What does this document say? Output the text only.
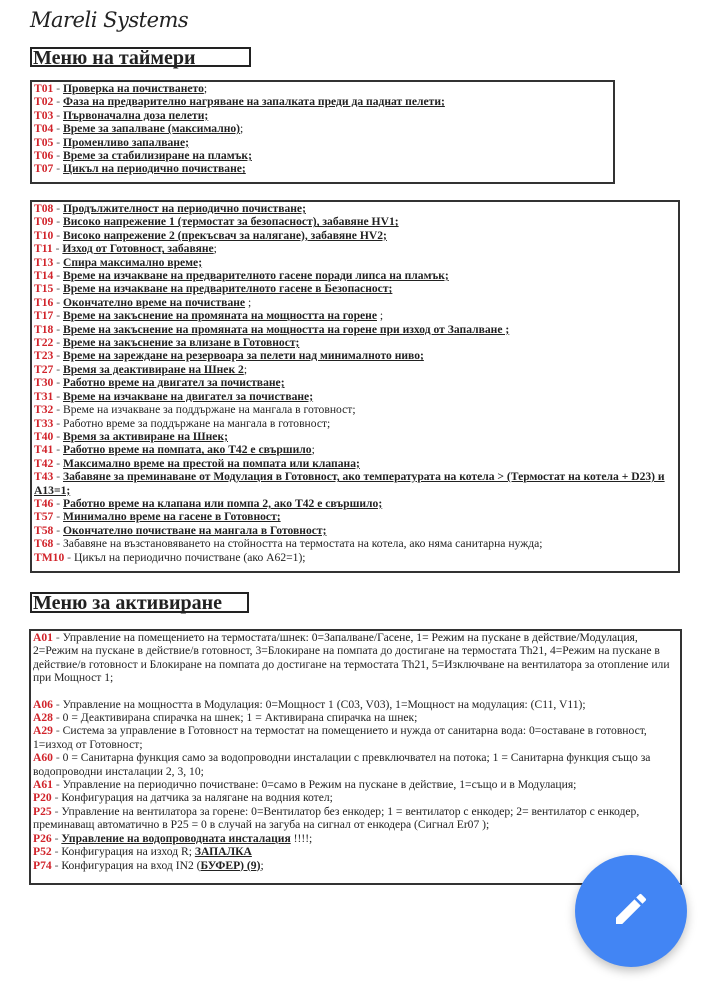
Mareli Systems
Меню на таймери
T01 - Проверка на почистването;
T02 - Фаза на предварително нагряване на запалката преди да паднат пелети;
T03 - Първоначална доза пелети;
T04 - Време за запалване (максимално);
T05 - Променливо запалване;
T06 - Време за стабилизиране на пламък;
T07 - Цикъл на периодично почистване;
T08 - Продължителност на периодично почистване;
T09 - Високо напрежение 1 (термостат за безопасност), забавяне HV1;
T10 - Високо напрежение 2 (прекъсвач за налягане), забавяне HV2;
T11 - Изход от Готовност, забавяне;
T13 - Спира максимално време;
T14 - Време на изчакване на предварителното гасене поради липса на пламък;
T15 - Време на изчакване на предварителното гасене в Безопасност;
T16 - Окончателно време на почистване ;
T17 - Време на закъснение на промяната на мощността на горене ;
T18 - Време на закъснение на промяната на мощността на горене при изход от Запалване ;
T22 - Време на закъснение за влизане в Готовност;
T23 - Време на зареждане на резервоара за пелети над минималното ниво;
T27 - Время за деактивиране на Шнек 2;
T30 - Работно време на двигател за почистване;
T31 - Време на изчакване на двигател за почистване;
T32 - Време на изчакване за поддържане на мангала в готовност;
T33 - Работно време за поддържане на мангала в готовност;
T40 - Время за активиране на Шнек;
T41 - Работно време на помпата, ако T42 е свършило;
T42 - Максимално време на престой на помпата или клапана;
T43 - Забавяне за преминаване от Модулация в Готовност, ако температурата на котела > (Термостат на котела + D23) и A13=1;
T46 - Работно време на клапана или помпа 2, ако T42 е свършило;
T57 - Минимално време на гасене в Готовност;
T58 - Окончателно почистване на мангала в Готовност;
T68 - Забавяне на възстановяването на стойността на термостата на котела, ако няма санитарна нужда;
TM10 - Цикъл на периодично почистване (ако A62=1);
Меню за активиране
A01 - Управление на помещението на термостата/шнек: 0=Запалване/Гасене, 1= Режим на пускане в действие/Модулация, 2=Режим на пускане в действие/в готовност, 3=Блокиране на помпата до достигане на термостата Th21, 4=Режим на пускане в действие/в готовност и Блокиране на помпата до достигане на термостата Th21, 5=Изключване на вентилатора за отопление или при Мощност 1;
A06 - Управление на мощността в Модулация: 0=Мощност 1 (C03, V03), 1=Мощност на модулация: (C11, V11);
A28 - 0 = Деактивирана спирачка на шнек; 1 = Активирана спирачка на шнек;
A29 - Система за управление в Готовност на термостат на помещението и нужда от санитарна вода: 0=оставане в готовност, 1=изход от Готовност;
A60 - 0 = Санитарна функция само за водопроводни инсталации с превключвател на потока; 1 = Санитарна функция също за водопроводни инсталации 2, 3, 10;
A61 - Управление на периодично почистване: 0=само в Режим на пускане в действие, 1=също и в Модулация;
P20 - Конфигурация на датчика за налягане на водния котел;
P25 - Управление на вентилатора за горене: 0=Вентилатор без енкодер; 1 = вентилатор с енкодер; 2= вентилатор с енкодер, преминаващ автоматично в P25 = 0 в случай на загуба на сигнал от енкодера (Сигнал Er07 );
P26 - Управление на водопроводната инсталация !!!!;
P52 - Конфигурация на изход R; ЗАПАЛКА
P74 - Конфигурация на вход IN2 (БУФЕР) (9);
